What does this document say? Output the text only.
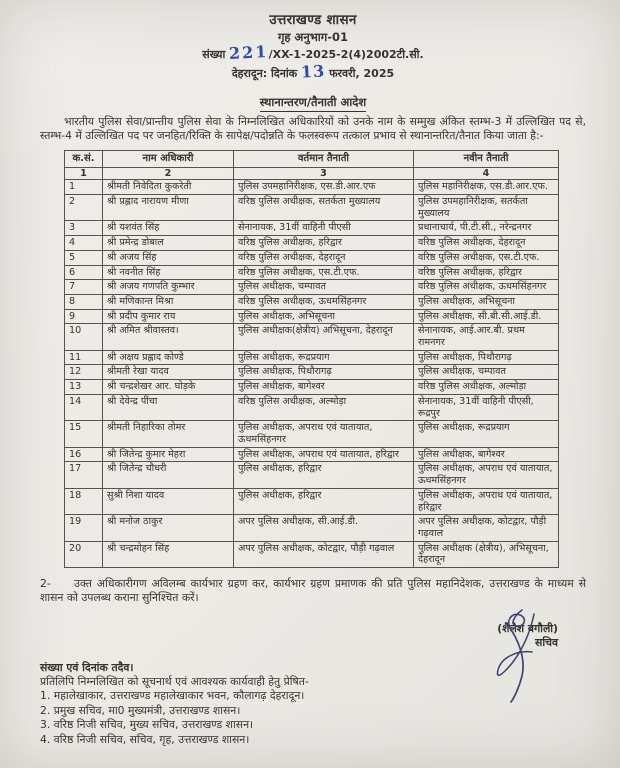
उत्तराखण्ड शासन
गृह अनुभाग-01
संख्या 221/XX-1-2025-2(4)2002टी.सी.
देहरादून: दिनांक 13 फरवरी, 2025
स्थानान्तरण/तैनाती आदेश

भारतीय पुलिस सेवा/प्रान्तीय पुलिस सेवा के निम्नलिखित अधिकारियों को उनके नाम के सम्मुख अंकित स्तम्भ-3 में उल्लिखित पद से, स्तम्भ-4 में उल्लिखित पद पर जनहित/रिक्ति के सापेक्ष/पदोन्नति के फलस्वरूप तत्काल प्रभाव से स्थानान्तरित/तैनात किया जाता है:-

क.सं.	नाम अधिकारी	वर्तमान तैनाती	नवीन तैनाती
1	2	3	4
1	श्रीमती निवेदिता कुकरेती	पुलिस उपमहानिरीक्षक, एस.डी.आर.एफ	पुलिस महानिरीक्षक, एस.डी.आर.एफ.
2	श्री प्रह्लाद नारायण मीणा	वरिष्ठ पुलिस अधीक्षक, सतर्कता मुख्यालय	पुलिस उपमहानिरीक्षक, सतर्कता मुख्यालय
3	श्री यशवंत सिंह	सेनानायक, 31वीं वाहिनी पीएसी	प्रधानाचार्य, पी.टी.सी., नरेन्द्रनगर
4	श्री प्रमेन्द्र डोबाल	वरिष्ठ पुलिस अधीक्षक, हरिद्वार	वरिष्ठ पुलिस अधीक्षक, देहरादून
5	श्री अजय सिंह	वरिष्ठ पुलिस अधीक्षक, देहरादून	वरिष्ठ पुलिस अधीक्षक, एस.टी.एफ.
6	श्री नवनीत सिंह	वरिष्ठ पुलिस अधीक्षक, एस.टी.एफ.	वरिष्ठ पुलिस अधीक्षक, हरिद्वार
7	श्री अजय गणपति कुम्भार	पुलिस अधीक्षक, चम्पावत	वरिष्ठ पुलिस अधीक्षक, ऊधमसिंहनगर
8	श्री मणिकान्त मिश्रा	वरिष्ठ पुलिस अधीक्षक, ऊधमसिंहनगर	पुलिस अधीक्षक, अभिसूचना
9	श्री प्रदीप कुमार राय	पुलिस अधीक्षक, अभिसूचना	पुलिस अधीक्षक, सी.बी.सी.आई.डी.
10	श्री अमित श्रीवास्तव।	पुलिस अधीक्षक(क्षेत्रीय) अभिसूचना, देहरादून	सेनानायक, आई.आर.बी. प्रथम रामनगर
11	श्री अक्षय प्रह्लाद कोण्डे	पुलिस अधीक्षक, रूद्रप्रयाग	पुलिस अधीक्षक, पिथौरागढ़
12	श्रीमती रेखा यादव	पुलिस अधीक्षक, पिथौरागढ़	पुलिस अधीक्षक, चम्पावत
13	श्री चन्द्रशेखर आर. घोड़के	पुलिस अधीक्षक, बागेश्वर	वरिष्ठ पुलिस अधीक्षक, अल्मोड़ा
14	श्री देवेन्द्र पींचा	वरिष्ठ पुलिस अधीक्षक, अल्मोड़ा	सेनानायक, 31वीं वाहिनी पीएसी, रूद्रपुर
15	श्रीमती निहारिका तोमर	पुलिस अधीक्षक, अपराध एवं यातायात, ऊधमसिंहनगर	पुलिस अधीक्षक, रूद्रप्रयाग
16	श्री जितेन्द्र कुमार मेहरा	पुलिस अधीक्षक, अपराध एवं यातायात, हरिद्वार	पुलिस अधीक्षक, बागेश्वर
17	श्री जितेन्द्र चौधरी	पुलिस अधीक्षक, हरिद्वार	पुलिस अधीक्षक, अपराध एवं यातायात, ऊधमसिंहनगर
18	सुश्री निशा यादव	पुलिस अधीक्षक, हरिद्वार	पुलिस अधीक्षक, अपराध एवं यातायात, हरिद्वार
19	श्री मनोज ठाकुर	अपर पुलिस अधीक्षक, सी.आई.डी.	अपर पुलिस अधीक्षक, कोटद्वार, पौड़ी गढ़वाल
20	श्री चन्द्रमोहन सिंह	अपर पुलिस अधीक्षक, कोटद्वार, पौड़ी गढ़वाल	पुलिस अधीक्षक (क्षेत्रीय), अभिसूचना, देहरादून

2- उक्त अधिकारीगण अविलम्ब कार्यभार ग्रहण कर, कार्यभार ग्रहण प्रमाणक की प्रति पुलिस महानिदेशक, उत्तराखण्ड के माध्यम से शासन को उपलब्ध कराना सुनिश्चित करें।

(शैलेश बगौली)
सचिव
संख्या एवं दिनांक तदैव।
प्रतिलिपि निम्नलिखित को सूचनार्थ एवं आवश्यक कार्यवाही हेतु प्रेषित-
1. महालेखाकार, उत्तराखण्ड महालेखाकार भवन, कौलागढ़ देहरादून।
2. प्रमुख सचिव, मा0 मुख्यमंत्री, उत्तराखण्ड शासन।
3. वरिष्ठ निजी सचिव, मुख्य सचिव, उत्तराखण्ड शासन।
4. वरिष्ठ निजी सचिव, सचिव, गृह, उत्तराखण्ड शासन।
